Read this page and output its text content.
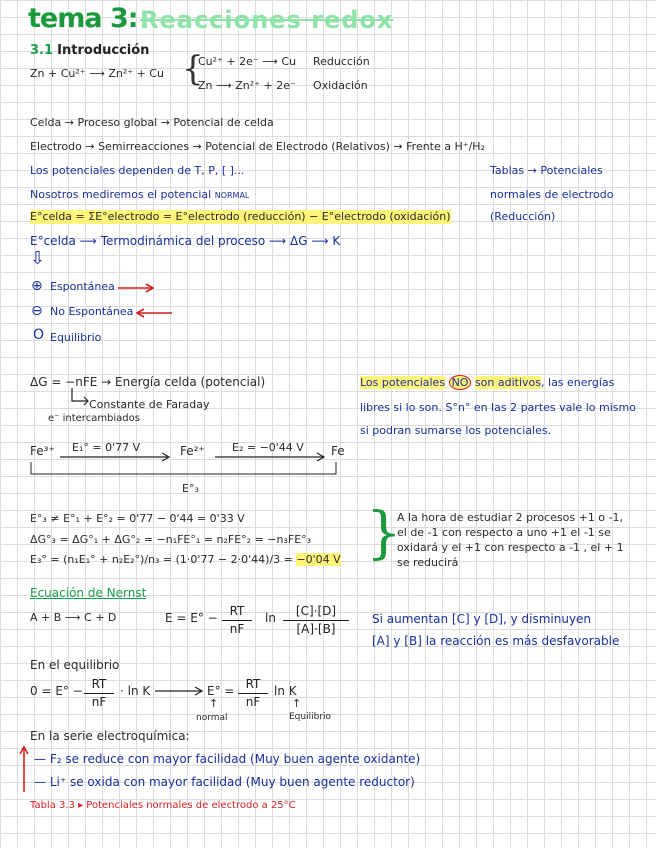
tema 3: Reacciones redox
3.1 Introducción
Zn + Cu²⁺ ⟶ Zn²⁺ + Cu {
Cu²⁺ + 2e⁻ ⟶ Cu Reducción
Zn ⟶ Zn²⁺ + 2e⁻ Oxidación
Celda → Proceso global → Potencial de celda
Electrodo → Semirreacciones → Potencial de Electrodo (Relativos) → Frente a H⁺/H₂
Los potenciales dependen de T, P, [ ]...
Nosotros mediremos el potencial NORMAL
E°celda = ΣE°electrodo = E°electrodo (reducción) − E°electrodo (oxidación)
E°celda ⟶ Termodinámica del proceso ⟶ ΔG ⟶ K
⇩
Tablas → Potenciales
normales de electrodo
(Reducción)
⊕ Espontánea
⊖ No Espontánea
O Equilibrio
ΔG = −nFE → Energía celda (potencial)
Constante de Faraday
e⁻ intercambiados
Los potenciales NO son aditivos, las energías
libres si lo son. S°n° en las 2 partes vale lo mismo
si podran sumarse los potenciales.
Fe³⁺ E₁° = 0'77 V	Fe²⁺ E₂ = −0'44 V Fe
E°₃
E°₃ ≠ E°₁ + E°₂ = 0'77 − 0'44 = 0'33 V
ΔG°₃ = ΔG°₁ + ΔG°₂ = −n₁FE°₁ = n₂FE°₂ = −n₃FE°₃
E₃° = (n₁E₁° + n₂E₂°)/n₃ = (1·0'77 − 2·0'44)/3 = −0'04 V }
A la hora de estudiar 2 procesos +1 o -1,
el de -1 con respecto a uno +1 el -1 se
oxidará y el +1 con respecto a -1 , el + 1
se reducirá
Ecuación de Nernst
A + B ⟶ C + D	E = E° − RT
nF
ln	[C]·[D]
[A]·[B]
Si aumentan [C] y [D], y disminuyen
[A] y [B] la reacción es más desfavorable
En el equilibrio
0 = E° − RT
nF
· ln K	E° = RT
nF
ln K
↑
normal
↑
Equilibrio
En la serie electroquímica:
— F₂ se reduce con mayor facilidad (Muy buen agente oxidante)
— Li⁺ se oxida con mayor facilidad (Muy buen agente reductor)
Tabla 3.3 ▸ Potenciales normales de electrodo a 25°C
